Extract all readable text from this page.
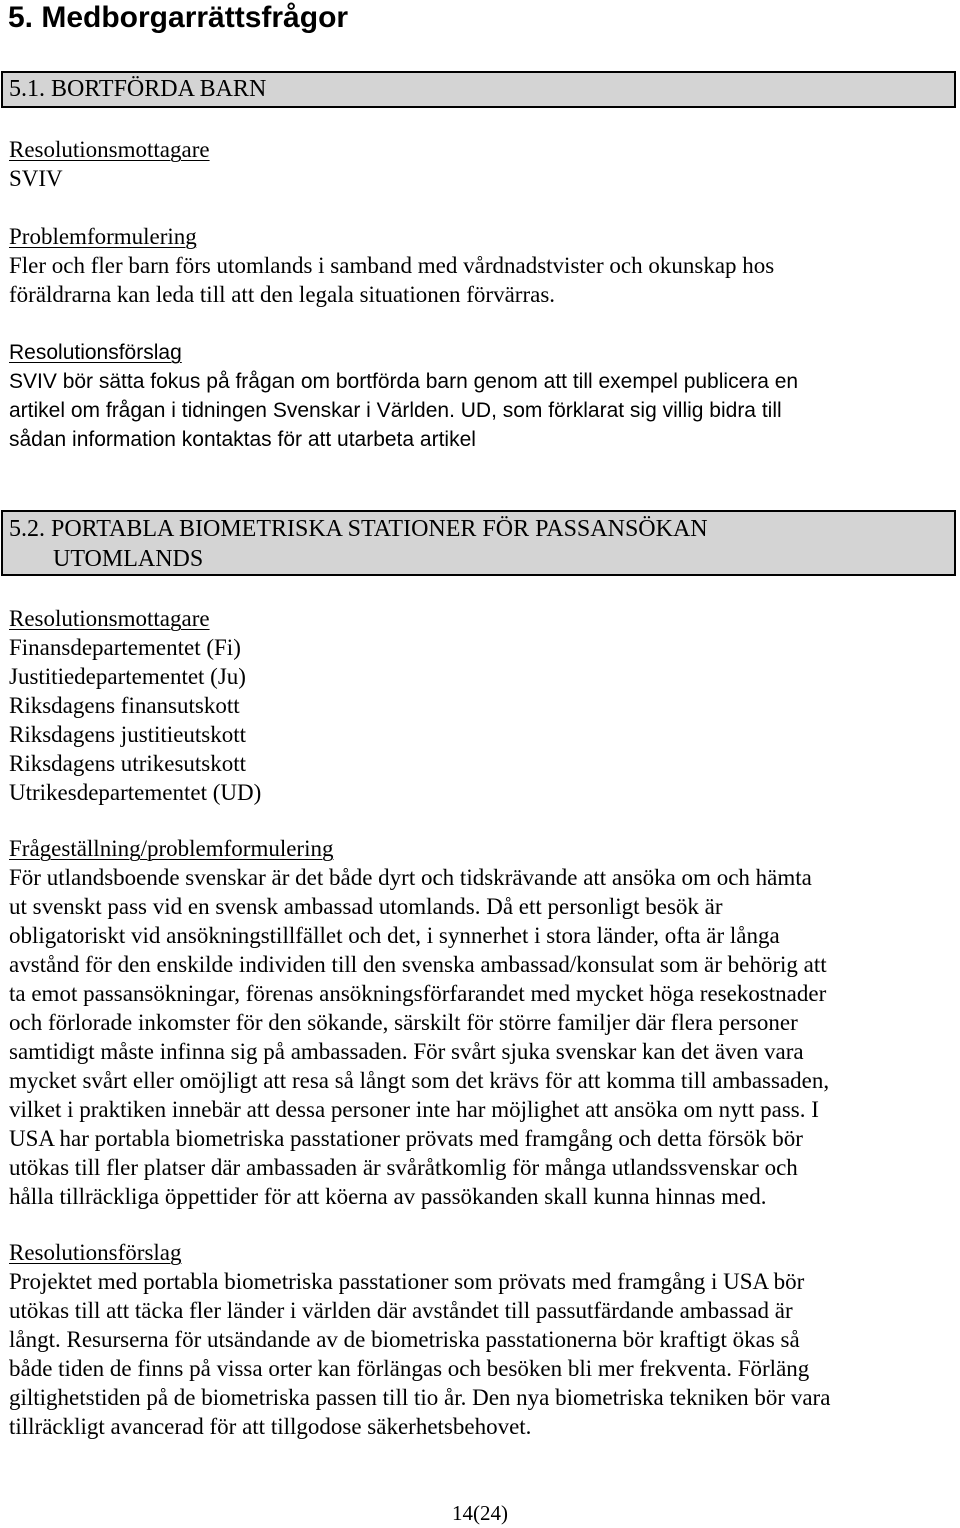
5. Medborgarrättsfrågor
5.1. BORTFÖRDA BARN
Resolutionsmottagare
SVIV
Problemformulering
Fler och fler barn förs utomlands i samband med vårdnadstvister och okunskap hos
föräldrarna kan leda till att den legala situationen förvärras.
Resolutionsförslag
SVIV bör sätta fokus på frågan om bortförda barn genom att till exempel publicera en
artikel om frågan i tidningen Svenskar i Världen. UD, som förklarat sig villig bidra till
sådan information kontaktas för att utarbeta artikel
5.2. PORTABLA BIOMETRISKA STATIONER FÖR PASSANSÖKAN
UTOMLANDS
Resolutionsmottagare
Finansdepartementet (Fi)
Justitiedepartementet (Ju)
Riksdagens finansutskott
Riksdagens justitieutskott
Riksdagens utrikesutskott
Utrikesdepartementet (UD)
Frågeställning/problemformulering
För utlandsboende svenskar är det både dyrt och tidskrävande att ansöka om och hämta
ut svenskt pass vid en svensk ambassad utomlands. Då ett personligt besök är
obligatoriskt vid ansökningstillfället och det, i synnerhet i stora länder, ofta är långa
avstånd för den enskilde individen till den svenska ambassad/konsulat som är behörig att
ta emot passansökningar, förenas ansökningsförfarandet med mycket höga resekostnader
och förlorade inkomster för den sökande, särskilt för större familjer där flera personer
samtidigt måste infinna sig på ambassaden. För svårt sjuka svenskar kan det även vara
mycket svårt eller omöjligt att resa så långt som det krävs för att komma till ambassaden,
vilket i praktiken innebär att dessa personer inte har möjlighet att ansöka om nytt pass. I
USA har portabla biometriska passtationer prövats med framgång och detta försök bör
utökas till fler platser där ambassaden är svåråtkomlig för många utlandssvenskar och
hålla tillräckliga öppettider för att köerna av passökanden skall kunna hinnas med.
Resolutionsförslag
Projektet med portabla biometriska passtationer som prövats med framgång i USA bör
utökas till att täcka fler länder i världen där avståndet till passutfärdande ambassad är
långt. Resurserna för utsändande av de biometriska passtationerna bör kraftigt ökas så
både tiden de finns på vissa orter kan förlängas och besöken bli mer frekventa. Förläng
giltighetstiden på de biometriska passen till tio år. Den nya biometriska tekniken bör vara
tillräckligt avancerad för att tillgodose säkerhetsbehovet.
14(24)
